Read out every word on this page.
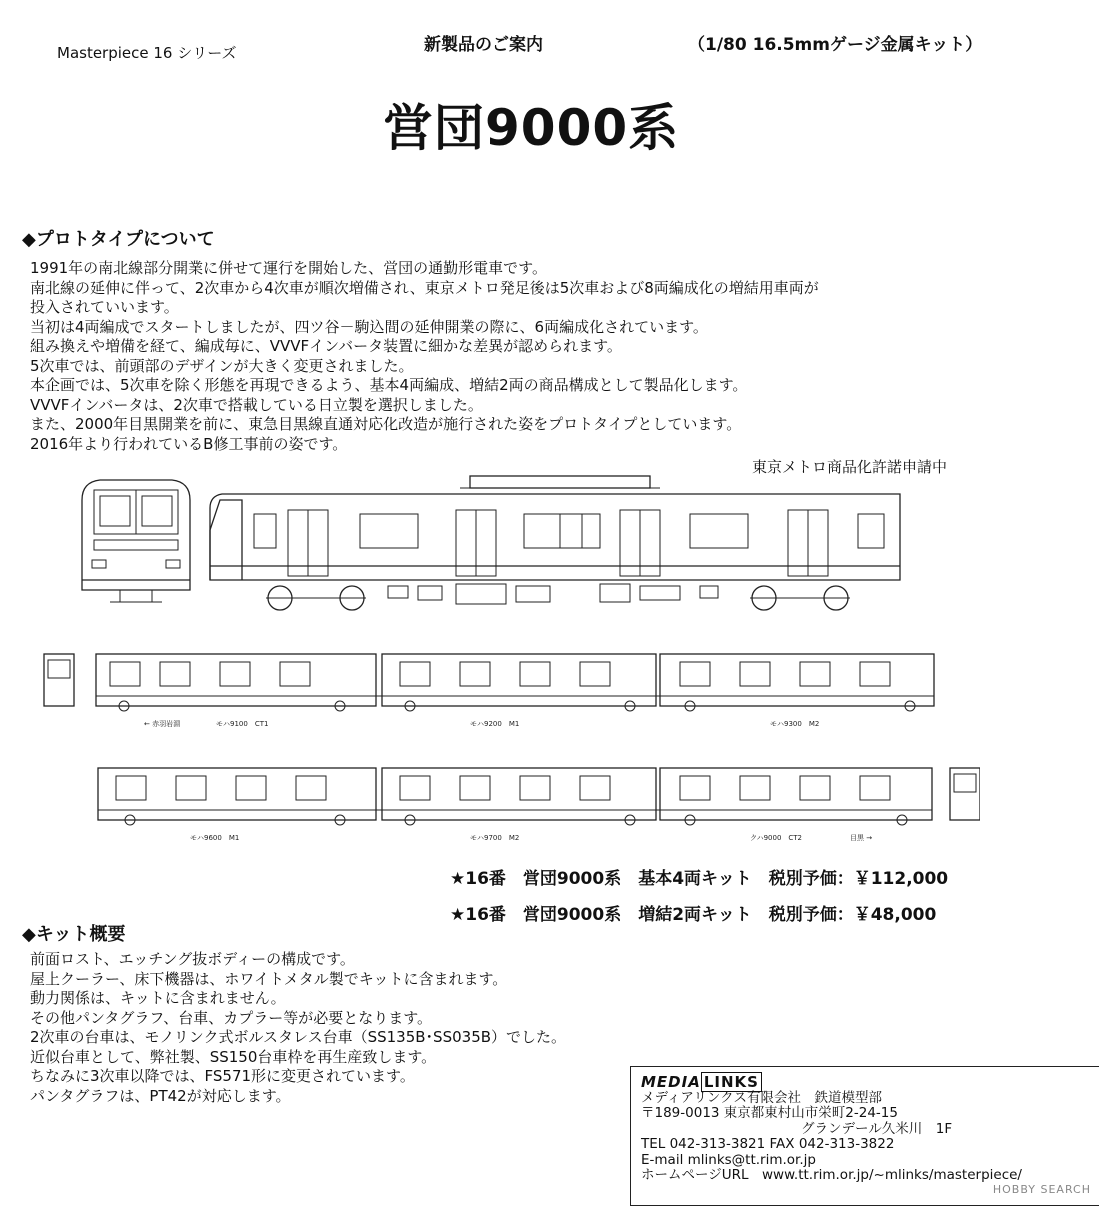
Masterpiece 16 シリーズ	新製品のご案内	（1/80 16.5mmゲージ金属キット）
営団9000系
◆プロトタイプについて
1991年の南北線部分開業に併せて運行を開始した、営団の通勤形電車です。
南北線の延伸に伴って、2次車から4次車が順次増備され、東京メトロ発足後は5次車および8両編成化の増結用車両が
投入されていいます。
当初は4両編成でスタートしましたが、四ツ谷－駒込間の延伸開業の際に、6両編成化されています。
組み換えや増備を経て、編成毎に、VVVFインバータ装置に細かな差異が認められます。
5次車では、前頭部のデザインが大きく変更されました。
本企画では、5次車を除く形態を再現できるよう、基本4両編成、増結2両の商品構成として製品化します。
VVVFインバータは、2次車で搭載している日立製を選択しました。
また、2000年目黒開業を前に、東急目黒線直通対応化改造が施行された姿をプロトタイプとしています。
2016年より行われているB修工事前の姿です。
東京メトロ商品化許諾申請中
← 赤羽岩淵	モハ9100　CT1	モハ9200　M1	モハ9300　M2
モハ9600　M1	モハ9700　M2	クハ9000　CT2	目黒 →
★16番　営団9000系　基本4両キット　税別予価：￥112,000
★16番　営団9000系　増結2両キット　税別予価：￥48,000
◆キット概要
前面ロスト、エッチング抜ボディーの構成です。
屋上クーラー、床下機器は、ホワイトメタル製でキットに含まれます。
動力関係は、キットに含まれません。
その他パンタグラフ、台車、カプラー等が必要となります。
2次車の台車は、モノリンク式ボルスタレス台車（SS135B･SS035B）でした。
近似台車として、弊社製、SS150台車枠を再生産致します。
ちなみに3次車以降では、FS571形に変更されています。
パンタグラフは、PT42が対応します。
MEDIA LINKS
メディアリンクス有限会社　鉄道模型部
〒189-0013 東京都東村山市栄町2-24-15
グランデール久米川　1F
TEL 042-313-3821 FAX 042-313-3822
E-mail mlinks@tt.rim.or.jp
ホームページURL　www.tt.rim.or.jp/~mlinks/masterpiece/
HOBBY SEARCH
